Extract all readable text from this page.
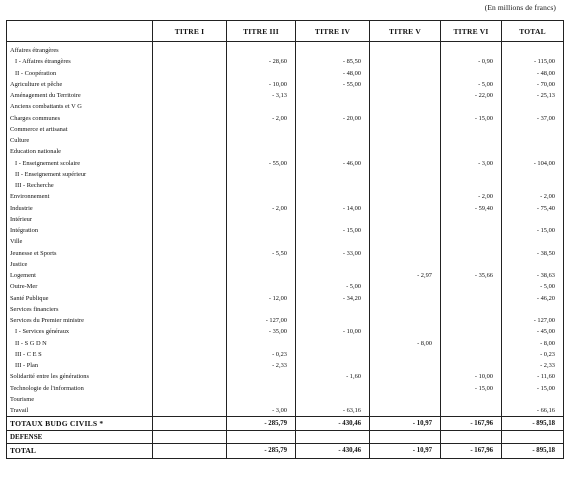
(En millions de francs)
	TITRE I	TITRE III	TITRE IV	TITRE V	TITRE VI	TOTAL
Affaires étrangères						
I - Affaires étrangères		- 28,60	- 85,50		- 0,90	- 115,00
II - Coopération			- 48,00			- 48,00
Agriculture et pêche		- 10,00	- 55,00		- 5,00	- 70,00
Aménagement du Territoire		- 3,13			- 22,00	- 25,13
Anciens combattants et V G						
Charges communes		- 2,00	- 20,00		- 15,00	- 37,00
Commerce et artisanat						
Culture						
Education nationale						
I - Enseignement scolaire		- 55,00	- 46,00		- 3,00	- 104,00
II - Enseignement supérieur						
III - Recherche						
Environnement					- 2,00	- 2,00
Industrie		- 2,00	- 14,00		- 59,40	- 75,40
Intérieur						
Intégration			- 15,00			- 15,00
Ville						
Jeunesse et Sports		- 5,50	- 33,00			- 38,50
Justice						
Logement				- 2,97	- 35,66	- 38,63
Outre-Mer			- 5,00			- 5,00
Santé Publique		- 12,00	- 34,20			- 46,20
Services financiers						
Services du Premier ministre		- 127,00				- 127,00
I - Services généraux		- 35,00	- 10,00			- 45,00
II - S G D N				- 8,00		- 8,00
III - C E S		- 0,23				- 0,23
III - Plan		- 2,33				- 2,33
Solidarité entre les générations			- 1,60		- 10,00	- 11,60
Technologie de l'information					- 15,00	- 15,00
Tourisme						
Travail		- 3,00	- 63,16			- 66,16
TOTAUX BUDG CIVILS *		- 285,79	- 430,46	- 10,97	- 167,96	- 895,18
DEFENSE						
TOTAL		- 285,79	- 430,46	- 10,97	- 167,96	- 895,18
